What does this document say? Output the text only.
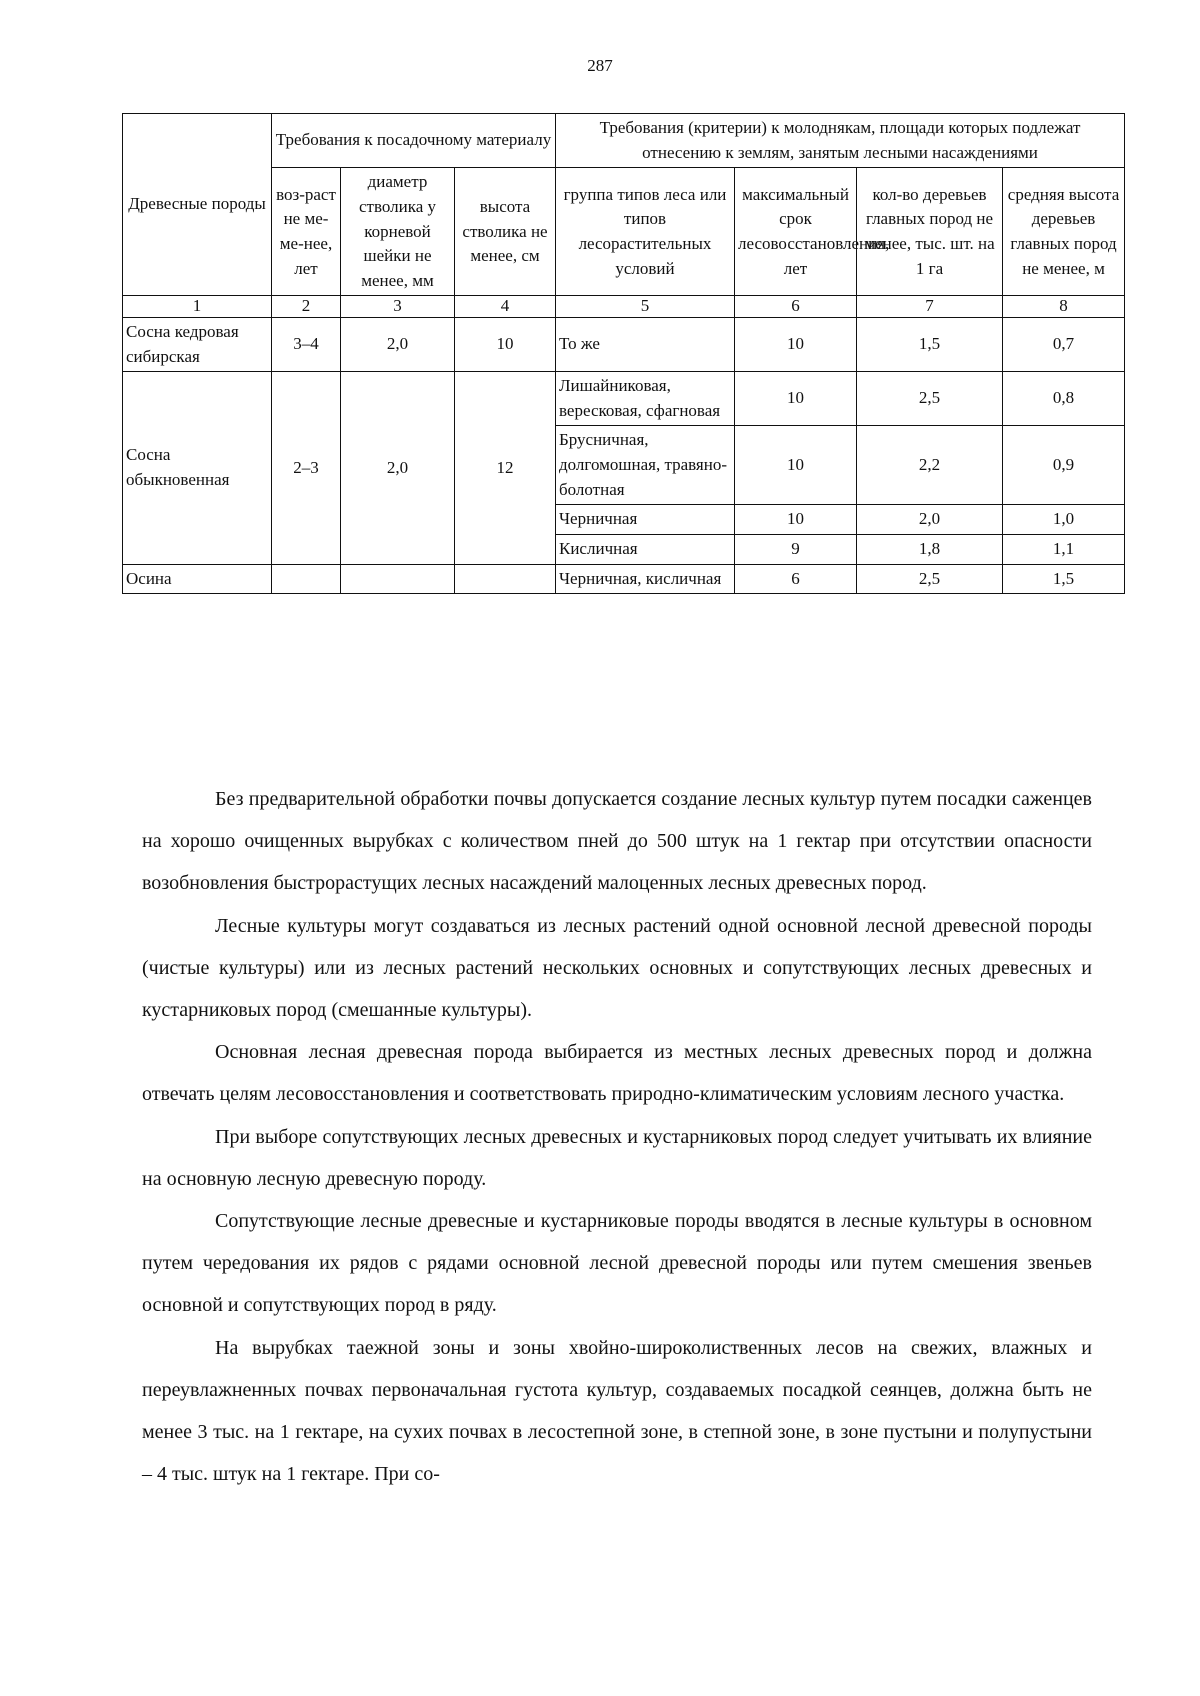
287
Древесные породы	Требования к посадочному материалу			Требования (критерии) к молоднякам, площади которых подлежат отнесению к землям, занятым лесными насаждениями			
	воз-раст не ме-ме-нее, лет	диаметр стволика у корневой шейки не менее, мм	высота стволика не менее, см	группа типов леса или типов лесорастительных условий	максимальный срок лесовосстановления, лет	кол-во деревьев главных пород не менее, тыс. шт. на 1 га	средняя высота деревьев главных пород не менее, м
1	2	3	4	5	6	7	8
Сосна кедровая сибирская	3–4	2,0	10	То же	10	1,5	0,7
Сосна обыкновенная	2–3	2,0	12	Лишайниковая, вересковая, сфагновая	10	2,5	0,8
				Брусничная, долгомошная, травяно-болотная	10	2,2	0,9
				Черничная	10	2,0	1,0
				Кисличная	9	1,8	1,1
Осина				Черничная, кисличная	6	2,5	1,5

Без предварительной обработки почвы допускается создание лесных культур путем посадки саженцев на хорошо очищенных вырубках с количеством пней до 500 штук на 1 гектар при отсутствии опасности возобновления быстрорастущих лесных насаждений малоценных лесных древесных пород.

Лесные культуры могут создаваться из лесных растений одной основной лесной древесной породы (чистые культуры) или из лесных растений нескольких основных и сопутствующих лесных древесных и кустарниковых пород (смешанные культуры).

Основная лесная древесная порода выбирается из местных лесных древесных пород и должна отвечать целям лесовосстановления и соответствовать природно-климатическим условиям лесного участка.

При выборе сопутствующих лесных древесных и кустарниковых пород следует учитывать их влияние на основную лесную древесную породу.

Сопутствующие лесные древесные и кустарниковые породы вводятся в лесные культуры в основном путем чередования их рядов с рядами основной лесной древесной породы или путем смешения звеньев основной и сопутствующих пород в ряду.

На вырубках таежной зоны и зоны хвойно-широколиственных лесов на свежих, влажных и переувлажненных почвах первоначальная густота культур, создаваемых посадкой сеянцев, должна быть не менее 3 тыс. на 1 гектаре, на сухих почвах в лесостепной зоне, в степной зоне, в зоне пустыни и полупустыни – 4 тыс. штук на 1 гектаре. При со-
